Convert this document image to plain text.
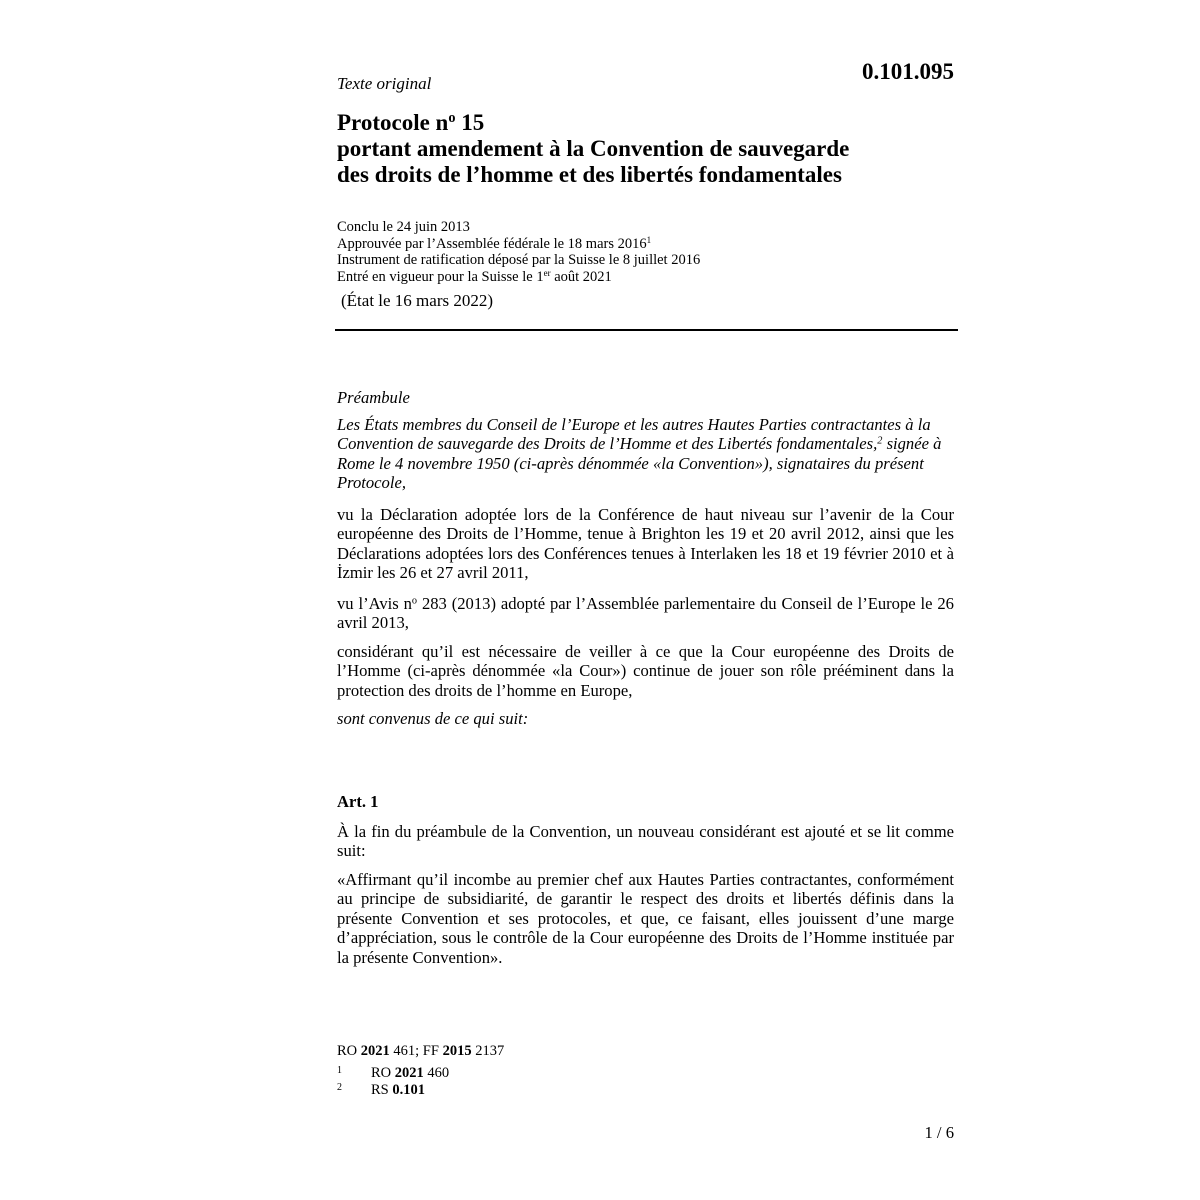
0.101.095
Texte original
Protocole $n^o$ 15
portant amendement à la Convention de sauvegarde
des droits de l’homme et des libertés fondamentales
Conclu le 24 juin 2013
Approuvée par l’Assemblée fédérale le 18 mars 2016$^1$
Instrument de ratification déposé par la Suisse le 8 juillet 2016
Entré en vigueur pour la Suisse le 1er août 2021
(État le 16 mars 2022)
Préambule
Les États membres du Conseil de l’Europe et les autres Hautes Parties contractantes à la Convention de sauvegarde des Droits de l’Homme et des Libertés fondamentales,$^2$ signée à Rome le 4 novembre 1950 (ci-après dénommée «la Convention»), signataires du présent Protocole,
vu la Déclaration adoptée lors de la Conférence de haut niveau sur l’avenir de la Cour européenne des Droits de l’Homme, tenue à Brighton les 19 et 20 avril 2012, ainsi que les Déclarations adoptées lors des Conférences tenues à Interlaken les 18 et 19 février 2010 et à İzmir les 26 et 27 avril 2011,
vu l’Avis $n^o$ 283 (2013) adopté par l’Assemblée parlementaire du Conseil de l’Europe le 26 avril 2013,
considérant qu’il est nécessaire de veiller à ce que la Cour européenne des Droits de l’Homme (ci-après dénommée «la Cour») continue de jouer son rôle prééminent dans la protection des droits de l’homme en Europe,
sont convenus de ce qui suit:
Art. 1
À la fin du préambule de la Convention, un nouveau considérant est ajouté et se lit comme suit:
«Affirmant qu’il incombe au premier chef aux Hautes Parties contractantes, conformément au principe de subsidiarité, de garantir le respect des droits et libertés définis dans la présente Convention et ses protocoles, et que, ce faisant, elles jouissent d’une marge d’appréciation, sous le contrôle de la Cour européenne des Droits de l’Homme instituée par la présente Convention».
RO 2021 461; FF 2015 2137
1 RO 2021 460
2 RS 0.101
1 / 6
